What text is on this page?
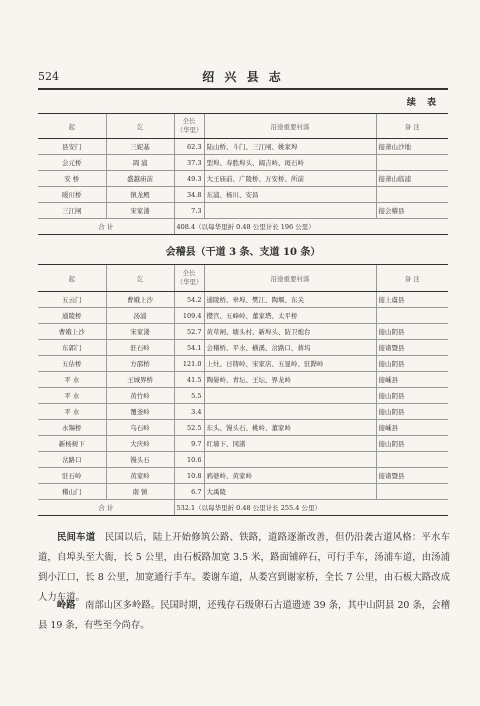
绍 兴 县 志
524
续 表
起	讫	全长（华里）	沿途重要村落	备 注
县安门	三妮基	62.3	陆山桥、斗门、三江闸、姚家埠	接萧山沙地
会元桥	凋 浦	37.3	型埠、寿胜埠头、阔吉岭、斑石岭	
安 桥	盛越庙前	49.3	大王庙前、广陵桥、万安桥、所前	接萧山临浦
暖川桥	镇龙殿	34.8	东浦、杨川、安昌	
三江闸	宋家溇	7.3		接会稽县
合 计		408.4（以每华里折 0.48 公里计长 196 公里）		
会稽县（干道 3 条、支道 10 条）
起	讫	全长（华里）	沿途重要村落	备 注
五云门	曹娥上沙	54.2	通陵桥、皋埠、樊江、陶堰、东关	接上虞县
通陵桥	汤浦	109.4	攒宫、五峰岭、董家塔、太平桥	
曹娥上沙	宋家溇	52.7	黄草闸、塘头村、新埠头、防卫炮台	接山阴县
东郭门	驻石岭	54.1	会稽桥、平水、横溪、岔路口、蒋坞	接诸暨县
五估桥	方邵桥	121.0	上灶、日铸岭、宋家店、五显岭、驻跸岭	接山阴县
平 水	王城界桥	41.5	陶晏岭、青坛、王坛、界龙岭	接嵊县
平 水	黄竹岭	5.5		接山阴县
平 水	覆釜岭	3.4		接山阴县
永锡桥	乌石岭	52.5	东头、馒头石、桃岭、董家岭	接嵊县
新杨树下	大庆岭	9.7	红墙下、冈渚	接山阴县
岔路口	馒头石	10.6		
驻石岭	黄家岭	10.8	鸦婆岭、黄家岭	接诸暨县
稽山门	南 镇	6.7	大禹陵	
合 计		532.1（以每华里折 0.48 公里计长 255.4 公里）		
  民间车道  民国以后，陆上开始修筑公路、铁路，道路逐渐改善，但仍沿袭古道风格：平水车道，自埠头至大衙，长 5 公里，由石板路加宽 3.5 米，路面铺碎石，可行手车，汤浦车道，由汤浦到小江口，长 8 公里，加宽通行手车。娄谢车道，从娄宫到谢家桥，全长 7 公里，由石板大路改成人力车道。
  岭路  南部山区多岭路。民国时期，还残存石级卵石古道遗迹 39 条，其中山阴县 20 条，会稽县 19 条，有些至今尚存。
